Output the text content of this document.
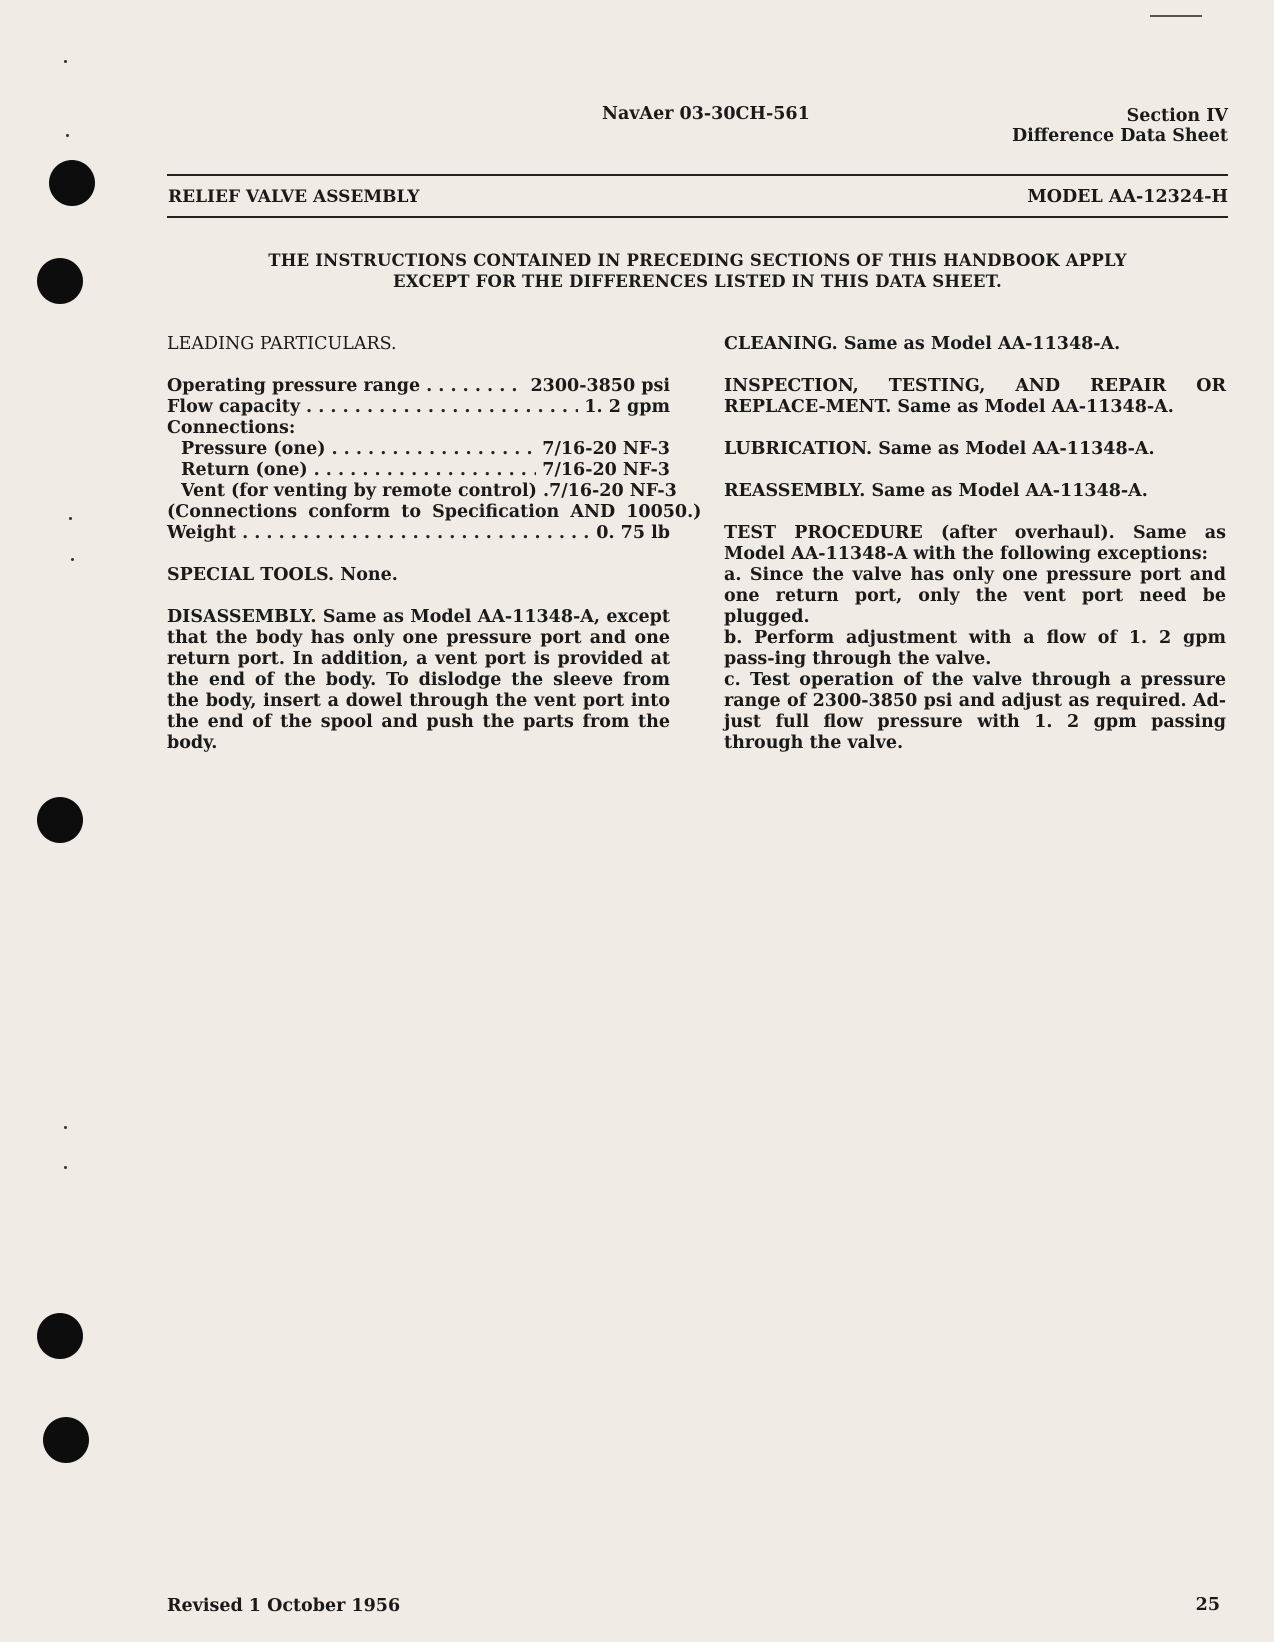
NavAer 03-30CH-561	Section IV
Difference Data Sheet
RELIEF VALVE ASSEMBLY	MODEL AA-12324-H
THE INSTRUCTIONS CONTAINED IN PRECEDING SECTIONS OF THIS HANDBOOK APPLY
EXCEPT FOR THE DIFFERENCES LISTED IN THIS DATA SHEET.
LEADING PARTICULARS.
Operating pressure range . . .	2300-3850 psi
Flow capacity . . .	1. 2 gpm
Connections:
Pressure (one) . . .	7/16-20 NF-3
Return (one) . . .	7/16-20 NF-3
Vent (for venting by remote control) . 7/16-20 NF-3
(Connections conform to Specification AND 10050.)
Weight . . .	0. 75 lb
SPECIAL TOOLS. None.

DISASSEMBLY. Same as Model AA-11348-A, except that the body has only one pressure port and one return port. In addition, a vent port is provided at the end of the body. To dislodge the sleeve from the body, insert a dowel through the vent port into the end of the spool and push the parts from the body.

CLEANING. Same as Model AA-11348-A.

INSPECTION, TESTING, AND REPAIR OR REPLACE-MENT. Same as Model AA-11348-A.

LUBRICATION. Same as Model AA-11348-A.

REASSEMBLY. Same as Model AA-11348-A.

TEST PROCEDURE (after overhaul). Same as Model AA-11348-A with the following exceptions:

a. Since the valve has only one pressure port and one return port, only the vent port need be plugged.

b. Perform adjustment with a flow of 1. 2 gpm pass-ing through the valve.

c. Test operation of the valve through a pressure range of 2300-3850 psi and adjust as required. Ad-just full flow pressure with 1. 2 gpm passing through the valve.

Revised 1 October 1956	25
